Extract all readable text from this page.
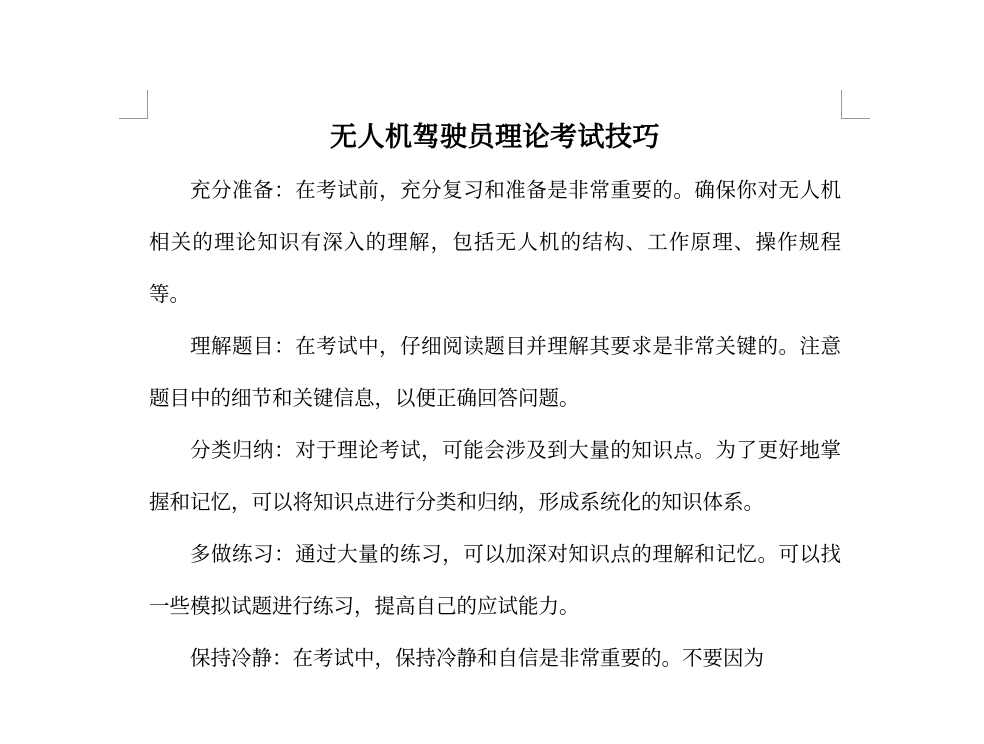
无人机驾驶员理论考试技巧

充分准备：在考试前，充分复习和准备是非常重要的。确保你对无人机相关的理论知识有深入的理解，包括无人机的结构、工作原理、操作规程等。

理解题目：在考试中，仔细阅读题目并理解其要求是非常关键的。注意题目中的细节和关键信息，以便正确回答问题。

分类归纳：对于理论考试，可能会涉及到大量的知识点。为了更好地掌握和记忆，可以将知识点进行分类和归纳，形成系统化的知识体系。

多做练习：通过大量的练习，可以加深对知识点的理解和记忆。可以找一些模拟试题进行练习，提高自己的应试能力。

保持冷静：在考试中，保持冷静和自信是非常重要的。不要因为
